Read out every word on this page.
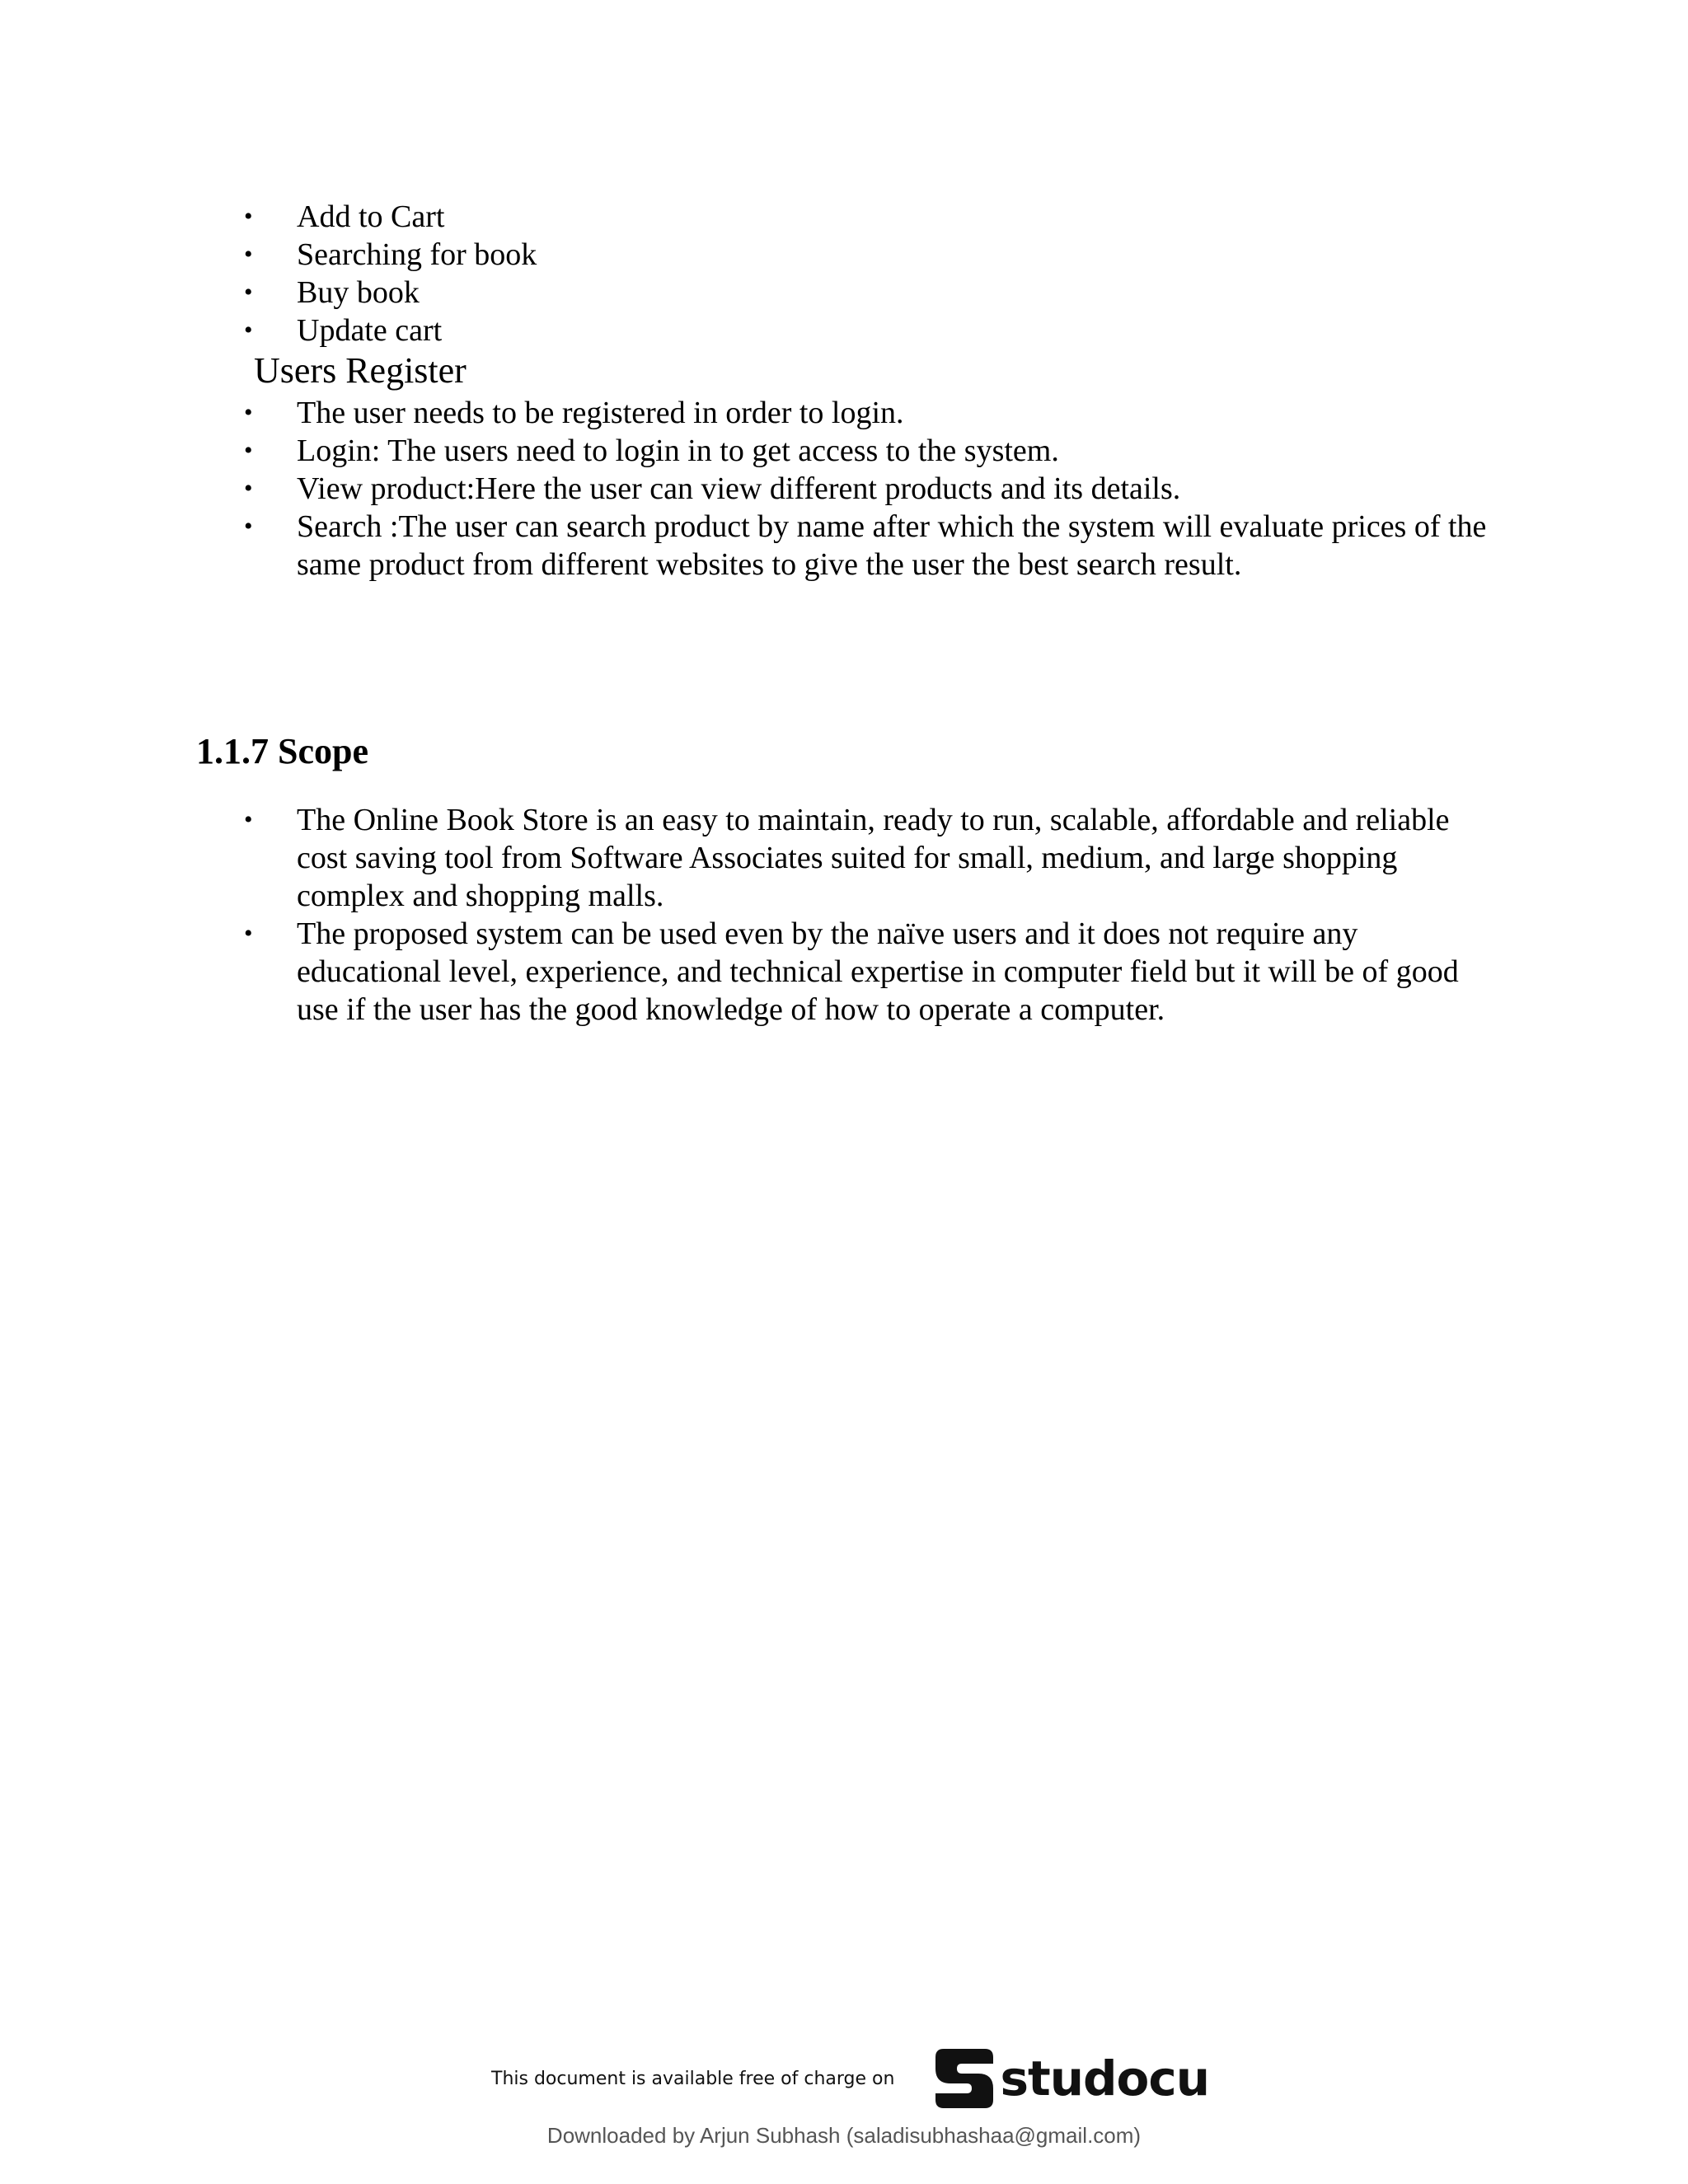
• Add to Cart
• Searching for book
• Buy book
• Update cart
Users Register
• The user needs to be registered in order to login.
• Login: The users need to login in to get access to the system.
• View product:Here the user can view different products and its details.
• Search :The user can search product by name after which the system will evaluate prices of the same product from different websites to give the user the best search result.
1.1.7 Scope
• The Online Book Store is an easy to maintain, ready to run, scalable, affordable and reliable cost saving tool from Software Associates suited for small, medium, and large shopping complex and shopping malls.
• The proposed system can be used even by the naïve users and it does not require any educational level, experience, and technical expertise in computer field but it will be of good use if the user has the good knowledge of how to operate a computer.
This document is available free of charge on studocu
Downloaded by Arjun Subhash (saladisubhashaa@gmail.com)
